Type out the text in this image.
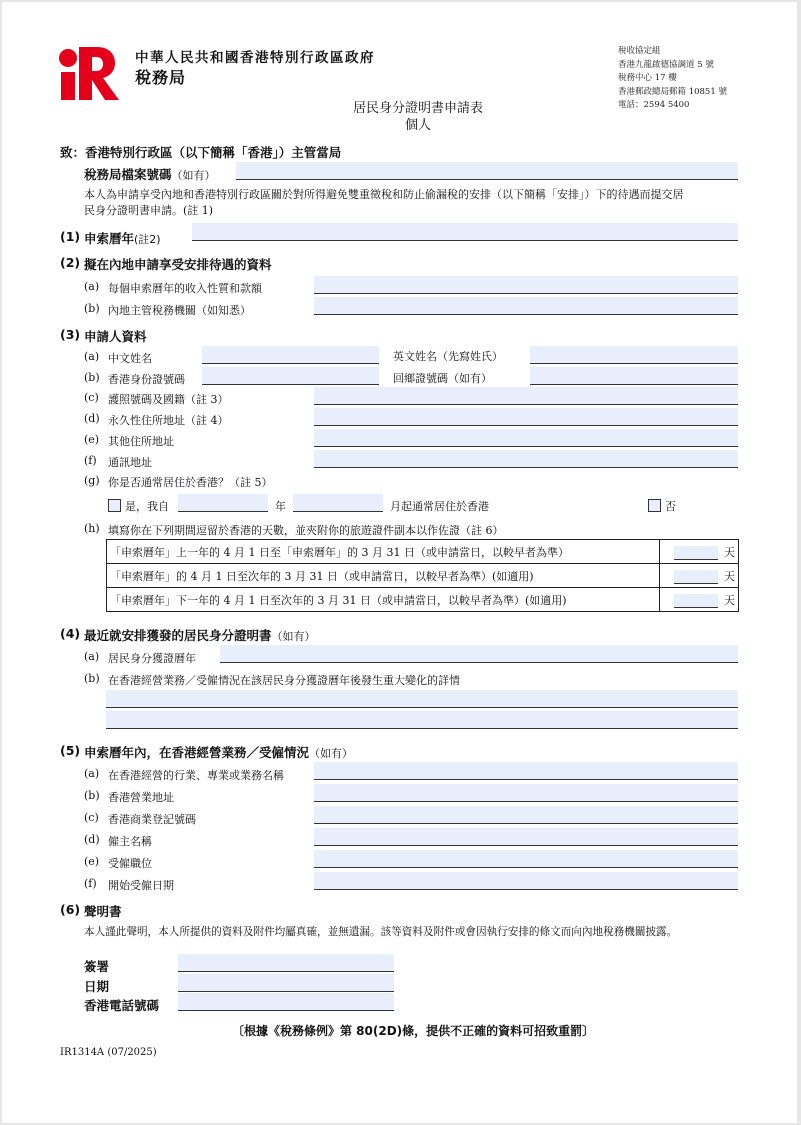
中華人民共和國香港特別行政區政府
稅務局
稅收協定組
香港九龍啟德協調道 5 號
稅務中心 17 樓
香港郵政總局郵箱 10851 號
電話：2594 5400
居民身分證明書申請表
個人
致：香港特別行政區（以下簡稱「香港」）主管當局
稅務局檔案號碼（如有）
本人為申請享受內地和香港特別行政區關於對所得避免雙重徵稅和防止偷漏稅的安排（以下簡稱「安排」）下的待遇而提交居
民身分證明書申請。(註 1)
(1) 申索曆年(註2)
(2) 擬在內地申請享受安排待遇的資料
(a) 每個申索曆年的收入性質和款額
(b) 內地主管稅務機關（如知悉）
(3) 申請人資料
(a) 中文姓名	英文姓名（先寫姓氏）
(b) 香港身份證號碼	回鄉證號碼（如有）
(c) 護照號碼及國籍（註 3）
(d) 永久性住所地址（註 4）
(e) 其他住所地址
(f) 通訊地址
(g) 你是否通常居住於香港？（註 5）
是，我自	年	月起通常居住於香港	否
(h) 填寫你在下列期間逗留於香港的天數，並夾附你的旅遊證件副本以作佐證（註 6）
「申索曆年」上一年的 4 月 1 日至「申索曆年」的 3 月 31 日（或申請當日，以較早者為準）	天
「申索曆年」的 4 月 1 日至次年的 3 月 31 日（或申請當日，以較早者為準）(如適用)	天
「申索曆年」下一年的 4 月 1 日至次年的 3 月 31 日（或申請當日，以較早者為準）(如適用)	天
(4) 最近就安排獲發的居民身分證明書（如有）
(a) 居民身分獲證曆年
(b) 在香港經營業務／受僱情況在該居民身分獲證曆年後發生重大變化的詳情
(5) 申索曆年內，在香港經營業務／受僱情況（如有）
(a) 在香港經營的行業、專業或業務名稱
(b) 香港營業地址
(c) 香港商業登記號碼
(d) 僱主名稱
(e) 受僱職位
(f) 開始受僱日期
(6) 聲明書
本人謹此聲明，本人所提供的資料及附件均屬真確，並無遺漏。該等資料及附件或會因執行安排的條文而向內地稅務機關披露。
簽署
日期
香港電話號碼
〔根據《稅務條例》第 80(2D)條，提供不正確的資料可招致重罰〕
IR1314A (07/2025)
